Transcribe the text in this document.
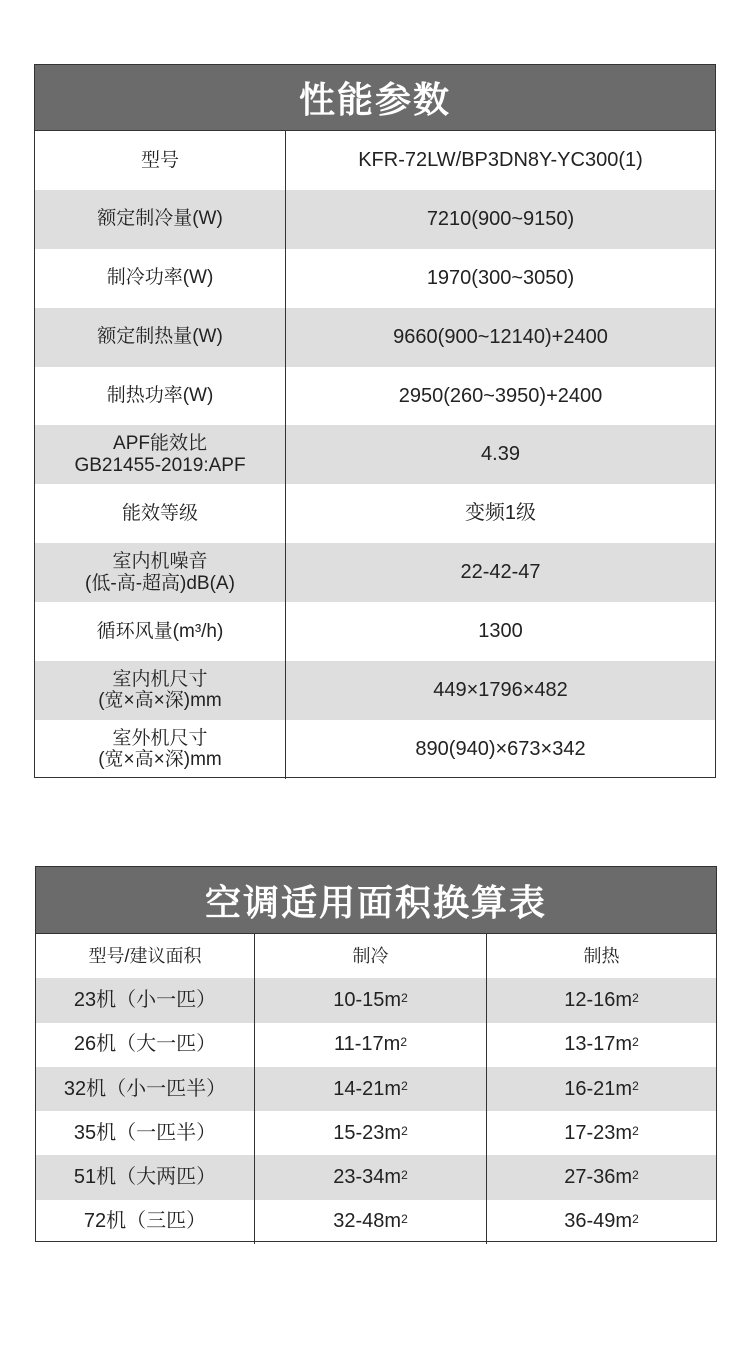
性能参数
型号	KFR-72LW/BP3DN8Y-YC300(1)
额定制冷量(W)	7210(900~9150)
制冷功率(W)	1970(300~3050)
额定制热量(W)	9660(900~12140)+2400
制热功率(W)	2950(260~3950)+2400
APF能效比
GB21455-2019:APF	4.39
能效等级	变频1级
室内机噪音
(低-高-超高)dB(A)	22-42-47
循环风量(m³/h)	1300
室内机尺寸
(宽×高×深)mm	449×1796×482
室外机尺寸
(宽×高×深)mm	890(940)×673×342
空调适用面积换算表
型号/建议面积	制冷	制热
23机（小一匹）	$10-15m^2$	$12-16m^2$
26机（大一匹）	$11-17m^2$	$13-17m^2$
32机（小一匹半）	$14-21m^2$	$16-21m^2$
35机（一匹半）	$15-23m^2$	$17-23m^2$
51机（大两匹）	$23-34m^2$	$27-36m^2$
72机（三匹）	$32-48m^2$	$36-49m^2$
